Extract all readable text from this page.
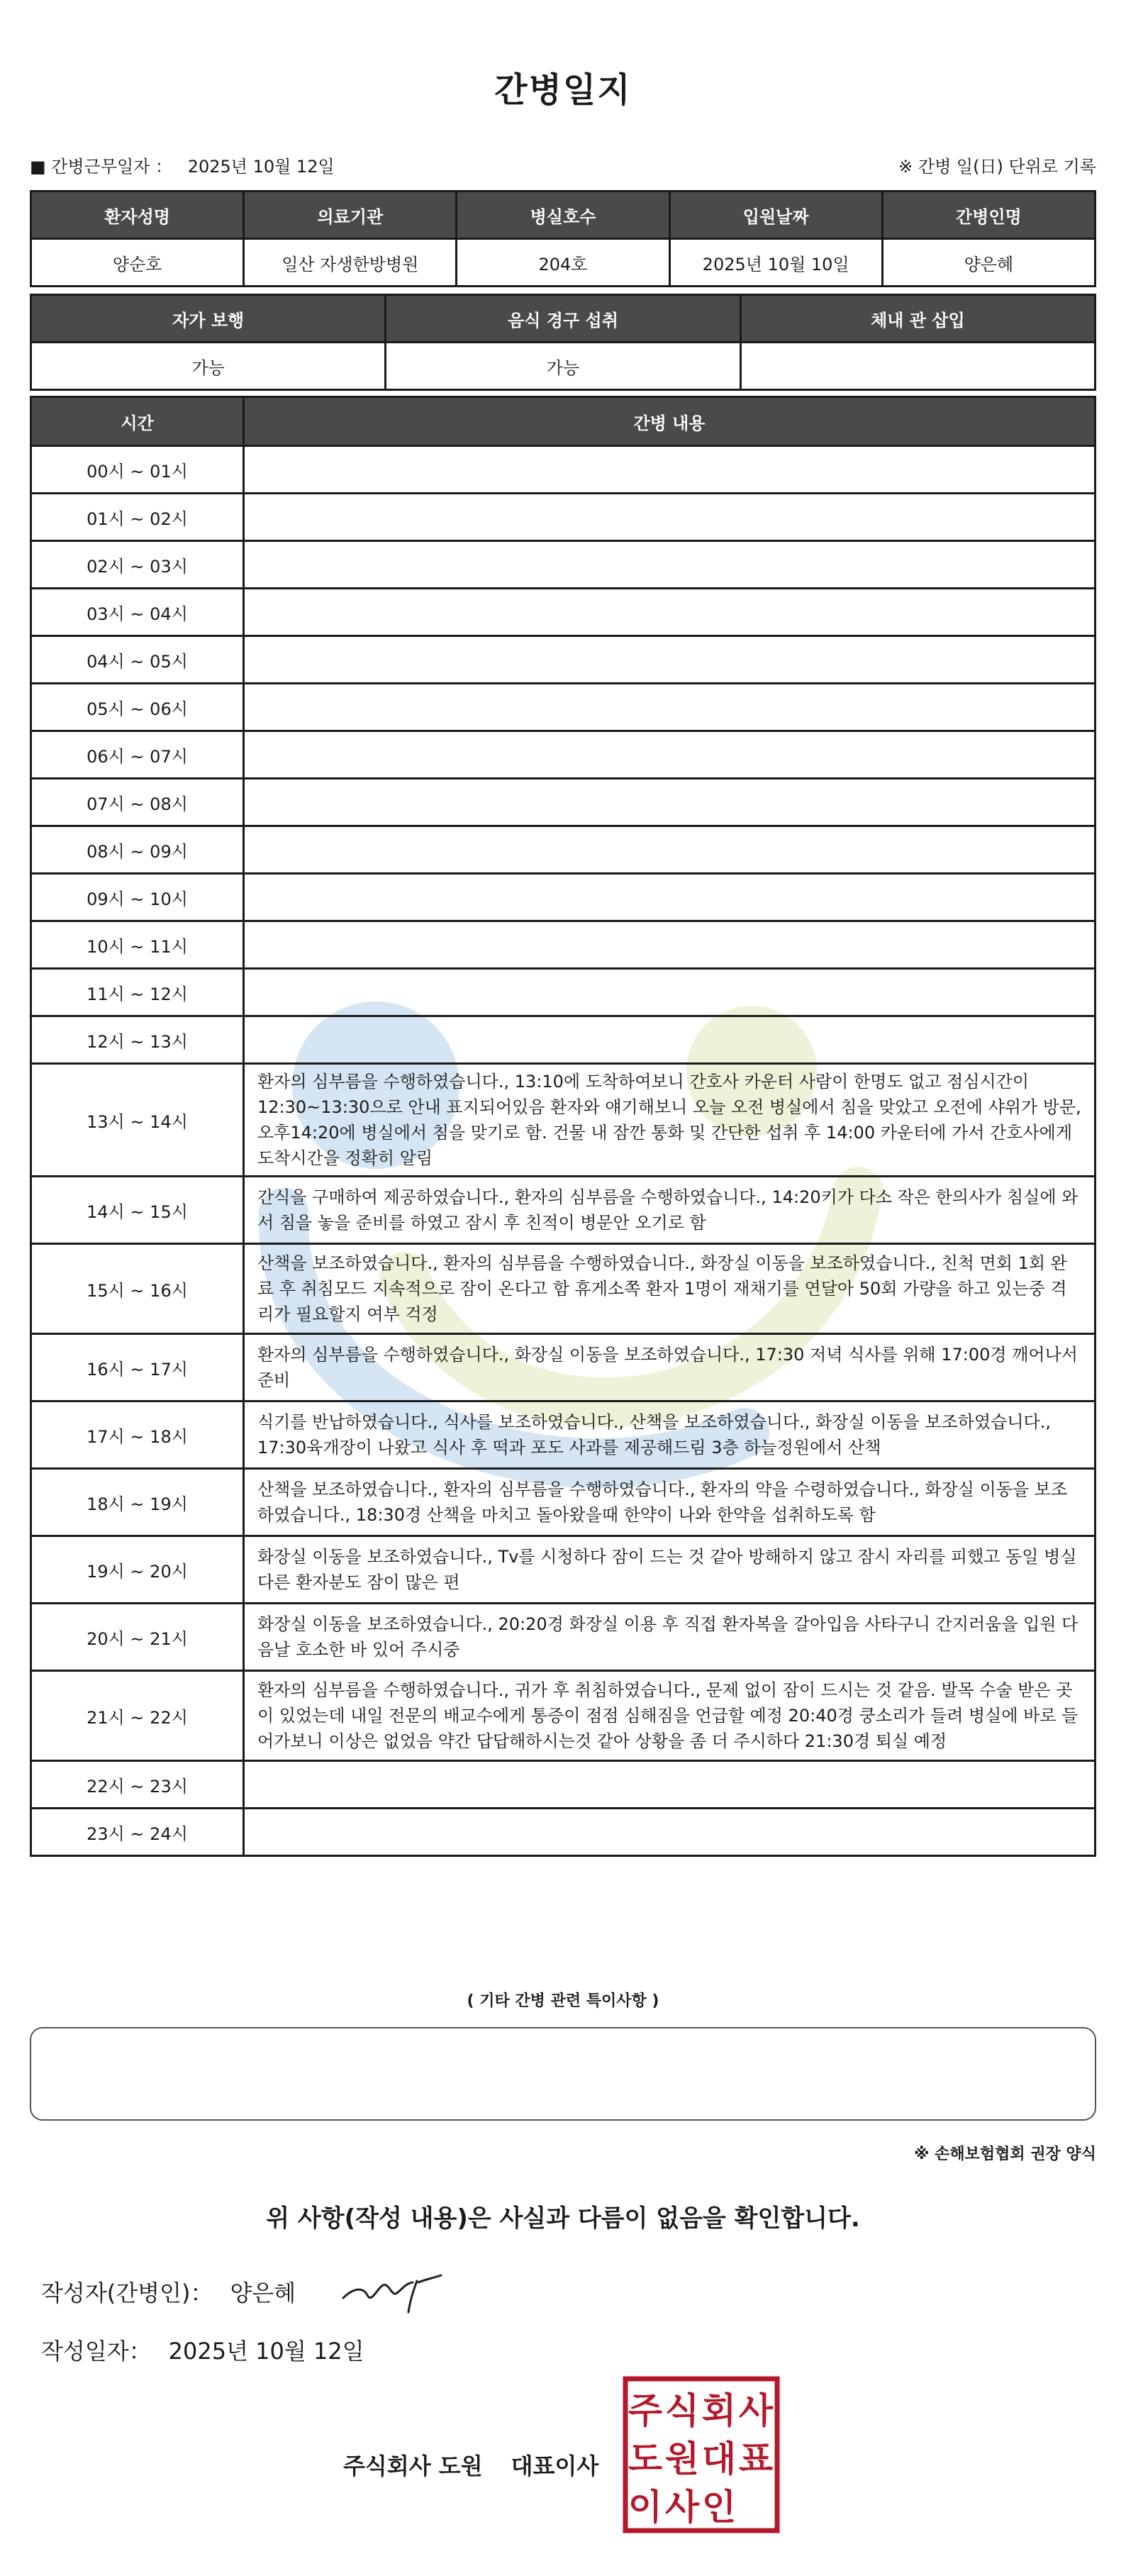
간병일지
■ 간병근무일자 ： 2025년 10월 12일	※ 간병 일(日) 단위로 기록
환자성명	의료기관	병실호수	입원날짜	간병인명
양순호	일산 자생한방병원	204호	2025년 10월 10일	양은혜
자가 보행	음식 경구 섭취	체내 관 삽입
가능	가능	
시간	간병 내용
00시 ~ 01시	
01시 ~ 02시	
02시 ~ 03시	
03시 ~ 04시	
04시 ~ 05시	
05시 ~ 06시	
06시 ~ 07시	
07시 ~ 08시	
08시 ~ 09시	
09시 ~ 10시	
10시 ~ 11시	
11시 ~ 12시	
12시 ~ 13시	
13시 ~ 14시	환자의 심부름을 수행하였습니다., 13:10에 도착하여보니 간호사 카운터 사람이 한명도 없고 점심시간이 12:30~13:30으로 안내 표지되어있음 환자와 얘기해보니 오늘 오전 병실에서 침을 맞았고 오전에 샤위가 방문, 오후14:20에 병실에서 침을 맞기로 함. 건물 내 잠깐 통화 및 간단한 섭취 후 14:00 카운터에 가서 간호사에게 도착시간을 정확히 알림
14시 ~ 15시	간식을 구매하여 제공하였습니다., 환자의 심부름을 수행하였습니다., 14:20키가 다소 작은 한의사가 침실에 와서 침을 놓을 준비를 하였고 잠시 후 친적이 병문안 오기로 함
15시 ~ 16시	산책을 보조하였습니다., 환자의 심부름을 수행하였습니다., 화장실 이동을 보조하였습니다., 친척 면회 1회 완료 후 취침모드 지속적으로 잠이 온다고 함 휴게소쪽 환자 1명이 재채기를 연달아 50회 가량을 하고 있는중 격리가 필요할지 여부 걱정
16시 ~ 17시	환자의 심부름을 수행하였습니다., 화장실 이동을 보조하였습니다., 17:30 저녁 식사를 위해 17:00경 깨어나서 준비
17시 ~ 18시	식기를 반납하였습니다., 식사를 보조하였습니다., 산책을 보조하였습니다., 화장실 이동을 보조하였습니다., 17:30육개장이 나왔고 식사 후 떡과 포도 사과를 제공해드림 3층 하늘정원에서 산책
18시 ~ 19시	산책을 보조하였습니다., 환자의 심부름을 수행하였습니다., 환자의 약을 수령하였습니다., 화장실 이동을 보조하였습니다., 18:30경 산책을 마치고 돌아왔을때 한약이 나와 한약을 섭취하도록 함
19시 ~ 20시	화장실 이동을 보조하였습니다., Tv를 시청하다 잠이 드는 것 같아 방해하지 않고 잠시 자리를 피했고 동일 병실 다른 환자분도 잠이 많은 편
20시 ~ 21시	화장실 이동을 보조하였습니다., 20:20경 화장실 이용 후 직접 환자복을 갈아입음 사타구니 간지러움을 입원 다음날 호소한 바 있어 주시중
21시 ~ 22시	환자의 심부름을 수행하였습니다., 귀가 후 취침하였습니다., 문제 없이 잠이 드시는 것 같음. 발목 수술 받은 곳이 있었는데 내일 전문의 배교수에게 통증이 점점 심해짐을 언급할 예정 20:40경 쿵소리가 들려 병실에 바로 들어가보니 이상은 없었음 약간 답답해하시는것 같아 상황을 좀 더 주시하다 21:30경 퇴실 예정
22시 ~ 23시	
23시 ~ 24시	
( 기타 간병 관련 특이사항 )
※ 손해보험협회 권장 양식
위 사항(작성 내용)은 사실과 다름이 없음을 확인합니다.
작성자(간병인)： 양은혜
작성일자： 2025년 10월 12일
주식회사 도원 대표이사
주 식 회 사
도 원 대 표
이 사 인
